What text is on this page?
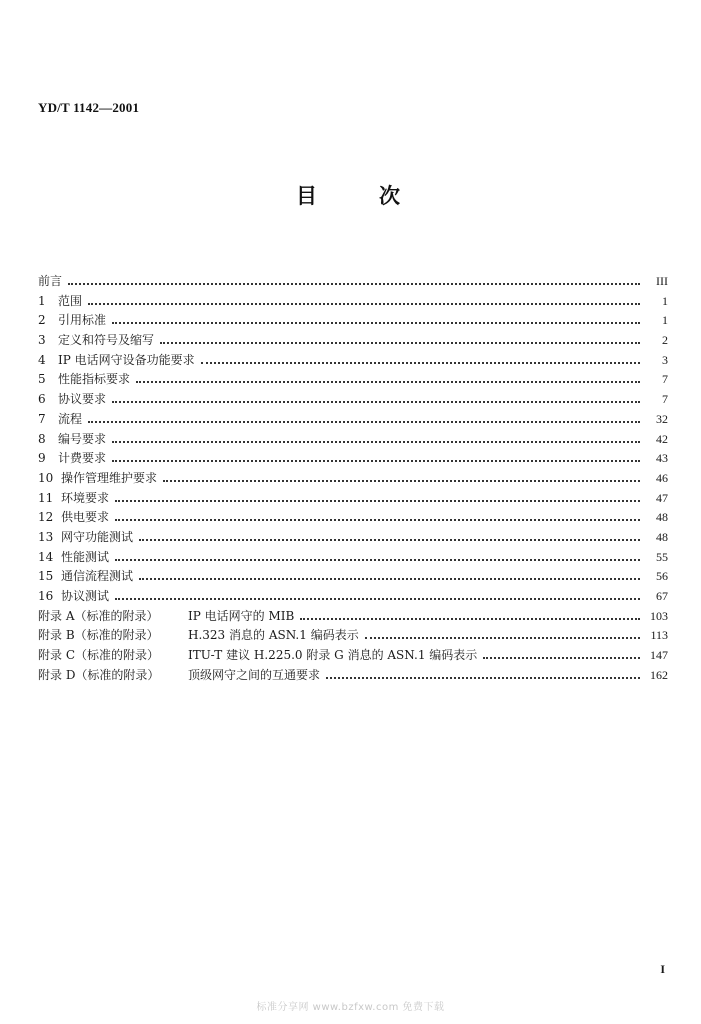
YD/T 1142—2001
目	次
前言	III
1	范围	1
2	引用标准	1
3	定义和符号及缩写	2
4	IP 电话网守设备功能要求	3
5	性能指标要求	7
6	协议要求	7
7	流程	32
8	编号要求	42
9	计费要求	43
10 操作管理维护要求	46
11 环境要求	47
12 供电要求	48
13 网守功能测试	48
14 性能测试	55
15 通信流程测试	56
16 协议测试	67
附录 A（标准的附录）	IP 电话网守的 MIB	103
附录 B（标准的附录）	H.323 消息的 ASN.1 编码表示	113
附录 C（标准的附录）	ITU-T 建议 H.225.0 附录 G 消息的 ASN.1 编码表示	147
附录 D（标准的附录）	顶级网守之间的互通要求	162
I
标准分享网 www.bzfxw.com 免费下载
